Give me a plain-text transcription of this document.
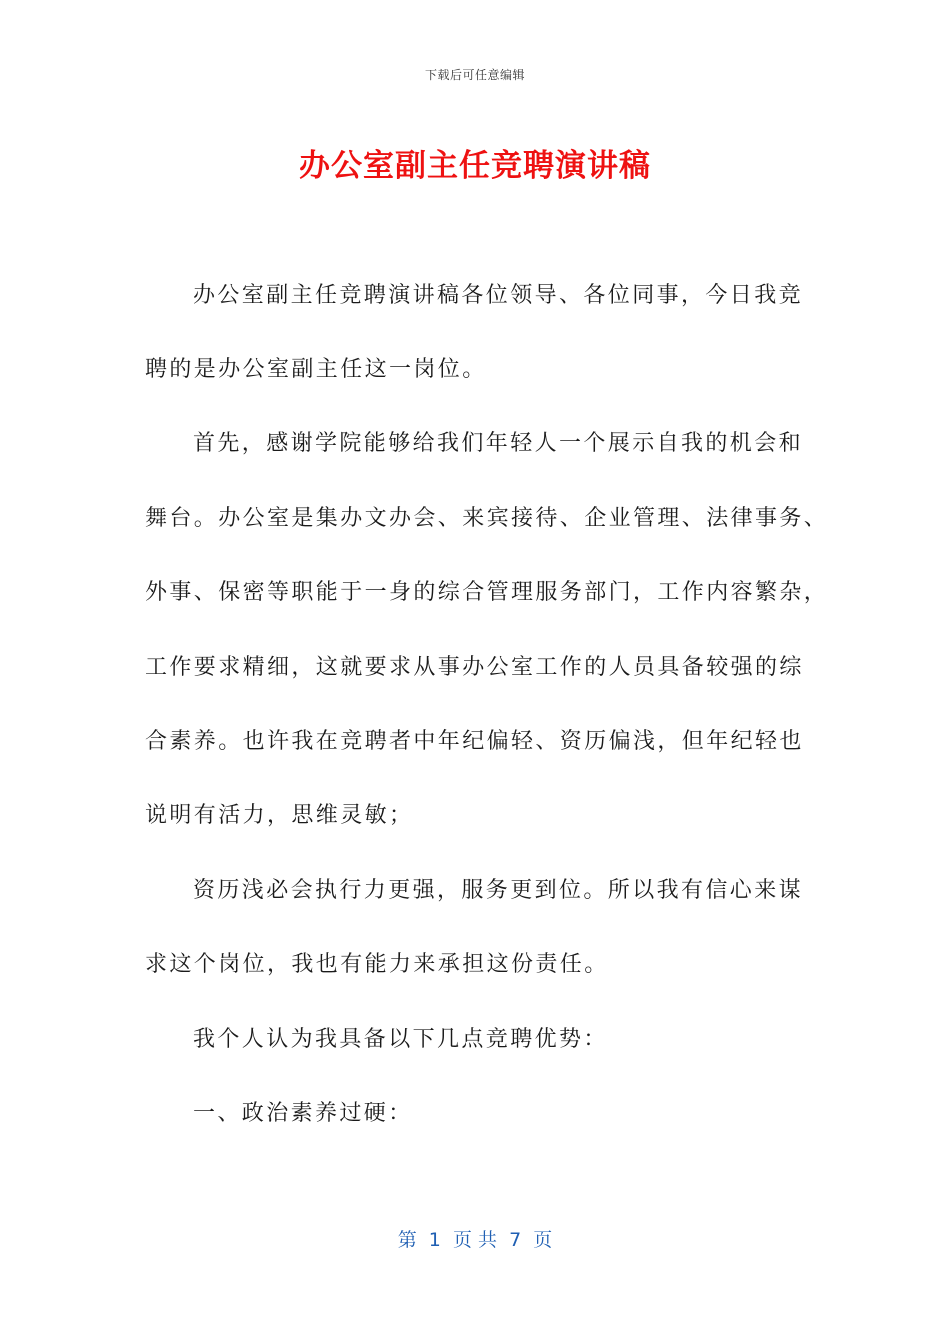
下载后可任意编辑
办公室副主任竞聘演讲稿
办公室副主任竞聘演讲稿各位领导、各位同事，今日我竞
聘的是办公室副主任这一岗位。
首先，感谢学院能够给我们年轻人一个展示自我的机会和
舞台。办公室是集办文办会、来宾接待、企业管理、法律事务、
外事、保密等职能于一身的综合管理服务部门，工作内容繁杂，
工作要求精细，这就要求从事办公室工作的人员具备较强的综
合素养。也许我在竞聘者中年纪偏轻、资历偏浅，但年纪轻也
说明有活力，思维灵敏；
资历浅必会执行力更强，服务更到位。所以我有信心来谋
求这个岗位，我也有能力来承担这份责任。
我个人认为我具备以下几点竞聘优势：
一、政治素养过硬：
第  1  页 共  7  页
